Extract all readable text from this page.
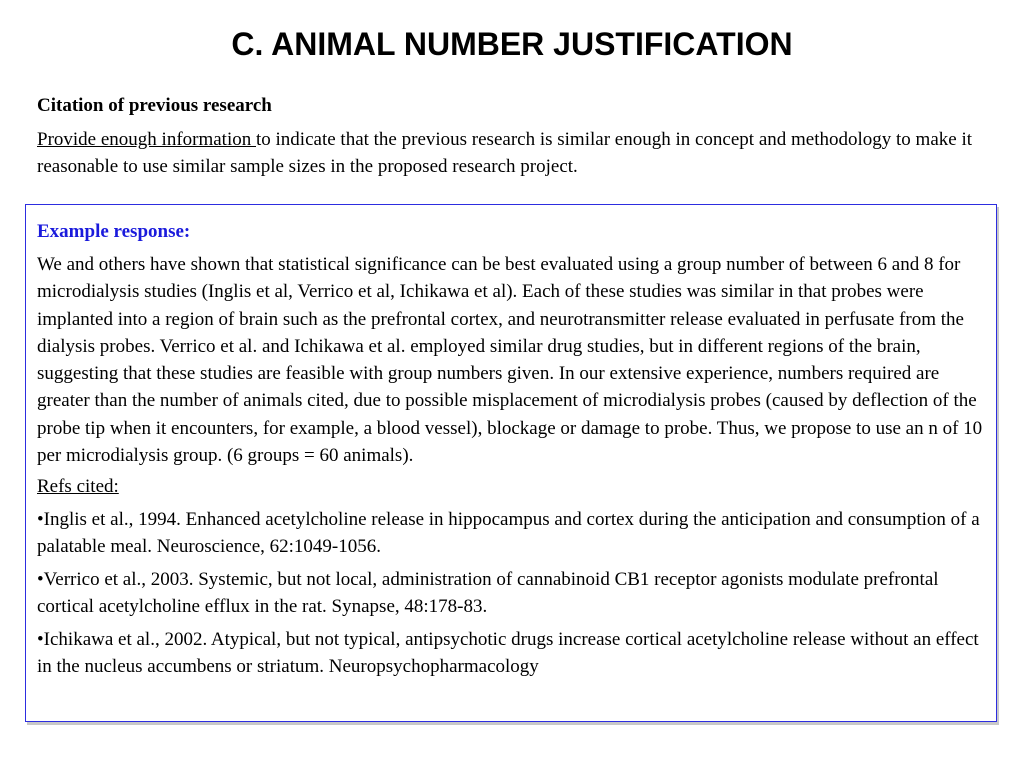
C. ANIMAL NUMBER JUSTIFICATION

Citation of previous research

Provide enough information to indicate that the previous research is similar enough in concept and methodology to make it reasonable to use similar sample sizes in the proposed research project.

Example response:

We and others have shown that statistical significance can be best evaluated using a group number of between 6 and 8 for microdialysis studies (Inglis et al, Verrico et al, Ichikawa et al). Each of these studies was similar in that probes were implanted into a region of brain such as the prefrontal cortex, and neurotransmitter release evaluated in perfusate from the dialysis probes. Verrico et al. and Ichikawa et al. employed similar drug studies, but in different regions of the brain, suggesting that these studies are feasible with group numbers given. In our extensive experience, numbers required are greater than the number of animals cited, due to possible misplacement of microdialysis probes (caused by deflection of the probe tip when it encounters, for example, a blood vessel), blockage or damage to probe. Thus, we propose to use an n of 10 per microdialysis group. (6 groups = 60 animals).

Refs cited:

•Inglis et al., 1994. Enhanced acetylcholine release in hippocampus and cortex during the anticipation and consumption of a palatable meal. Neuroscience, 62:1049-1056.

•Verrico et al., 2003. Systemic, but not local, administration of cannabinoid CB1 receptor agonists modulate prefrontal cortical acetylcholine efflux in the rat. Synapse, 48:178-83.

•Ichikawa et al., 2002. Atypical, but not typical, antipsychotic drugs increase cortical acetylcholine release without an effect in the nucleus accumbens or striatum. Neuropsychopharmacology
